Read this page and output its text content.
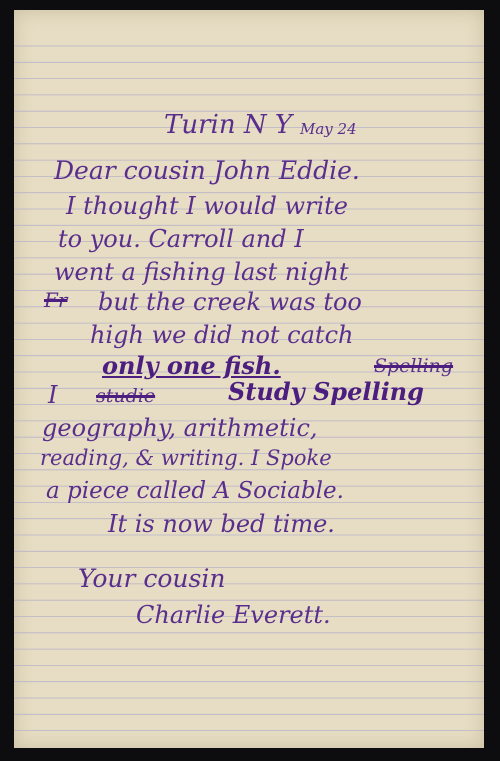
Turin N Y May 24
Dear cousin John Eddie.
I thought I would write
to you. Carroll and I
went a fishing last night
Fr but the creek was too
high we did not catch
only one fish.	Spelling
I studie	Study Spelling
geography, arithmetic,
reading, & writing. I Spoke
a piece called A Sociable.
It is now bed time.
Your cousin
Charlie Everett.
